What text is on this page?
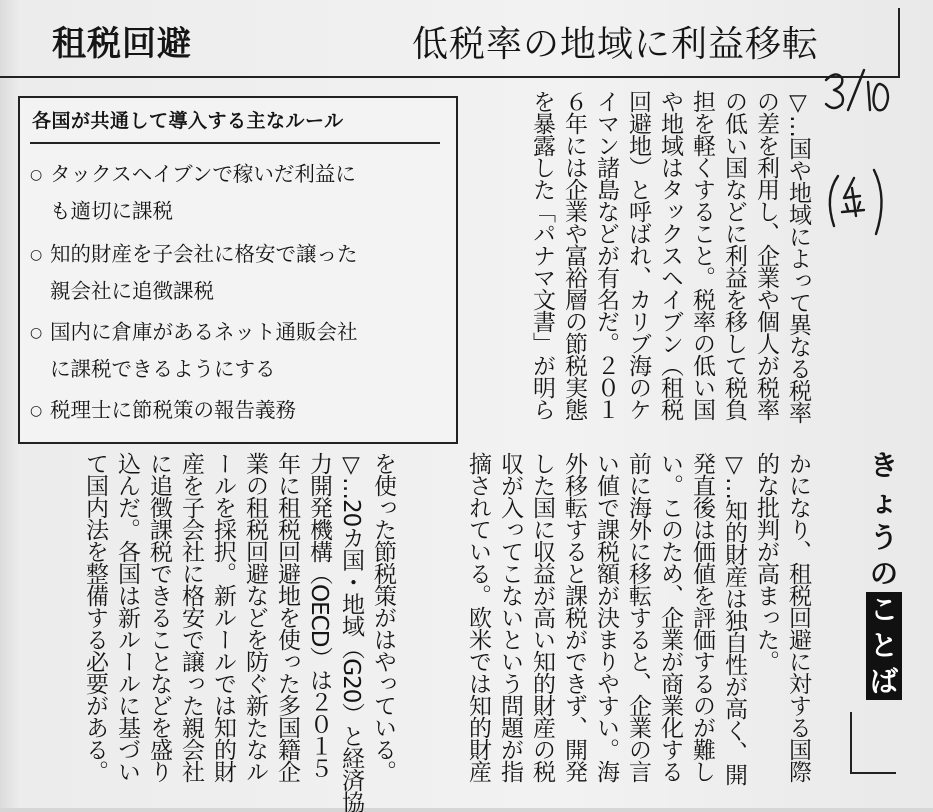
租税回避	低税率の地域に利益移転
各国が共通して導入する主なルール
○ タックスヘイブンで稼いだ利益に
も適切に課税
○ 知的財産を子会社に格安で譲った
親会社に追徴課税
○ 国内に倉庫があるネット通販会社
に課税できるようにする
○ 税理士に節税策の報告義務	▽…国や地域によって異なる税率
の差を利用し、企業や個人が税率
の低い国などに利益を移して税負
担を軽くすること。税率の低い国
や地域はタックスヘイブン（租税
回避地）と呼ばれ、カリブ海のケ
イマン諸島などが有名だ。２０１
６年には企業や富裕層の節税実態
を暴露した「パナマ文書」が明ら
かになり、租税回避に対する国際
的な批判が高まった。
▽…知的財産は独自性が高く、開
発直後は価値を評価するのが難し
い。このため、企業が商業化する
前に海外に移転すると、企業の言
い値で課税額が決まりやすい。海
外移転すると課税ができず、開発
した国に収益が高い知的財産の税
収が入ってこないという問題が指
摘されている。欧米では知的財産
を使った節税策がはやっている。
▽…20カ国・地域（G20）と経済協
力開発機構（OECD）は２０１５
年に租税回避地を使った多国籍企
業の租税回避などを防ぐ新たなル
ールを採択。新ルールでは知的財
産を子会社に格安で譲った親会社
に追徴課税できることなどを盛り
込んだ。各国は新ルールに基づい
て国内法を整備する必要がある。	き
ょ
う
の
こ
と
ば
